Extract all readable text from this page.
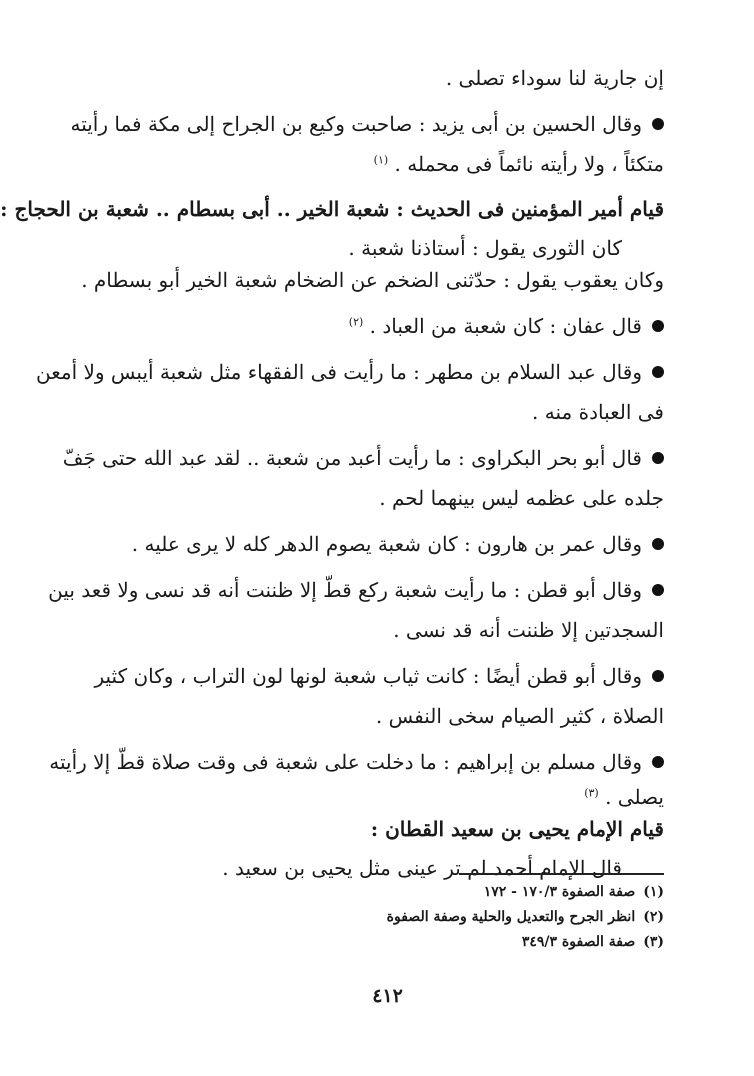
إن جارية لنا سوداء تصلى .
وقال الحسين بن أبى يزيد : صاحبت وكيع بن الجراح إلى مكة فما رأيته
متكئاً ، ولا رأيته نائماً فى محمله . $^{(١)}$
قيام أمير المؤمنين فى الحديث : شعبة الخير .. أبى بسطام .. شعبة بن الحجاج :
كان الثورى يقول : أستاذنا شعبة .
وكان يعقوب يقول : حدّثنى الضخم عن الضخام شعبة الخير أبو بسطام .
قال عفان : كان شعبة من العباد . $^{(٢)}$
وقال عبد السلام بن مطهر : ما رأيت فى الفقهاء مثل شعبة أيبس ولا أمعن
فى العبادة منه .
قال أبو بحر البكراوى : ما رأيت أعبد من شعبة .. لقد عبد الله حتى جَفّ
جلده على عظمه ليس بينهما لحم .
وقال عمر بن هارون : كان شعبة يصوم الدهر كله لا يرى عليه .
وقال أبو قطن : ما رأيت شعبة ركع قطّ إلا ظننت أنه قد نسى ولا قعد بين
السجدتين إلا ظننت أنه قد نسى .
وقال أبو قطن أيضًا : كانت ثياب شعبة لونها لون التراب ، وكان كثير
الصلاة ، كثير الصيام سخى النفس .
وقال مسلم بن إبراهيم : ما دخلت على شعبة فى وقت صلاة قطّ إلا رأيته
يصلى . $^{(٣)}$
قيام الإمام يحيى بن سعيد القطان :
قال الإمام أحمد لم تر عينى مثل يحيى بن سعيد .
(١)صفة الصفوة ١٧٠/٣ - ١٧٢
(٢)انظر الجرح والتعديل والحلية وصفة الصفوة
(٣)صفة الصفوة ٣٤٩/٣
٤١٢
